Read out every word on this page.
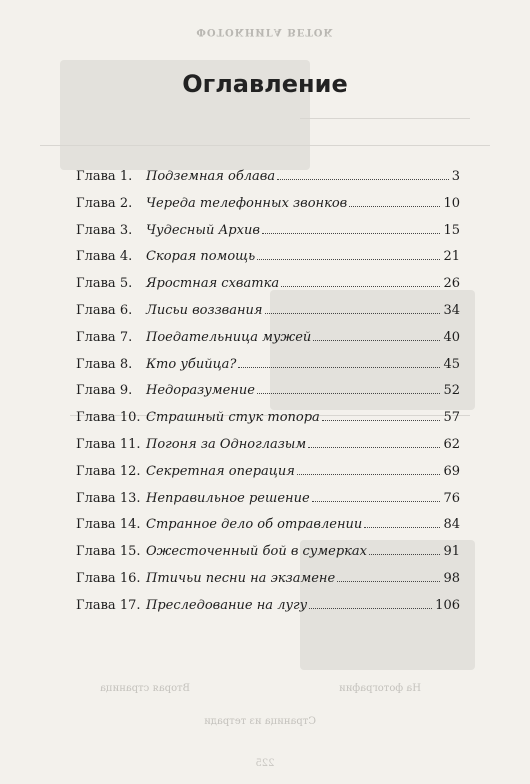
ФОТОКНИГА ВЕТОК
Вторая страница	На фотографии
Страница из тетради
225
Оглавление
Глава 1.	Подземная облава	3
Глава 2.	Череда телефонных звонков	10
Глава 3.	Чудесный Архив	15
Глава 4.	Скорая помощь	21
Глава 5.	Яростная схватка	26
Глава 6.	Лисьи воззвания	34
Глава 7.	Поедательница мужей	40
Глава 8.	Кто убийца?	45
Глава 9.	Недоразумение	52
Глава 10. Страшный стук топора	57
Глава 11. Погоня за Одноглазым	62
Глава 12. Секретная операция	69
Глава 13. Неправильное решение	76
Глава 14. Странное дело об отравлении	84
Глава 15. Ожесточенный бой в сумерках	91
Глава 16. Птичьи песни на экзамене	98
Глава 17. Преследование на лугу	106
